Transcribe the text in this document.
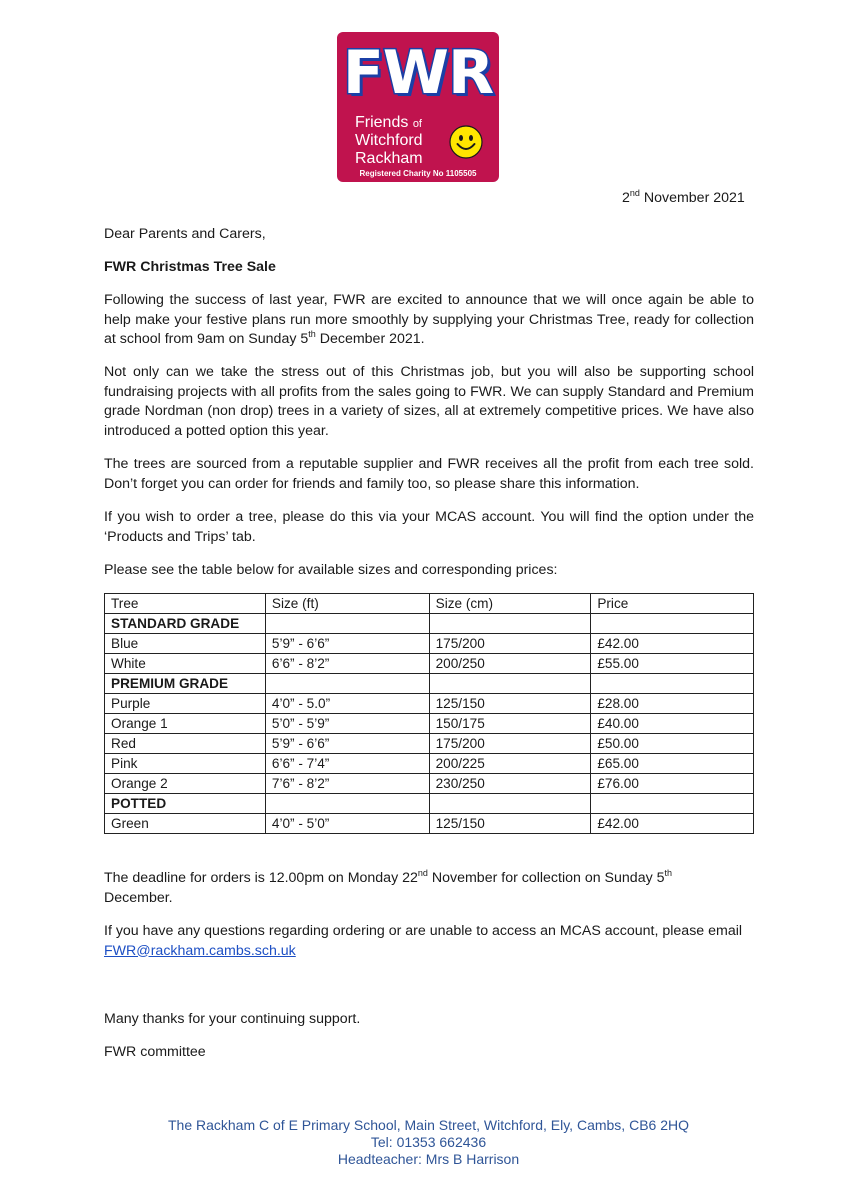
FWR
Friends of
Witchford
Rackham
Registered Charity No 1105505
2nd November 2021
Dear Parents and Carers,
FWR Christmas Tree Sale
Following the success of last year, FWR are excited to announce that we will once again be able to help make your festive plans run more smoothly by supplying your Christmas Tree, ready for collection at school from 9am on Sunday 5th December 2021.
Not only can we take the stress out of this Christmas job, but you will also be supporting school fundraising projects with all profits from the sales going to FWR. We can supply Standard and Premium grade Nordman (non drop) trees in a variety of sizes, all at extremely competitive prices. We have also introduced a potted option this year.
The trees are sourced from a reputable supplier and FWR receives all the profit from each tree sold. Don’t forget you can order for friends and family too, so please share this information.
If you wish to order a tree, please do this via your MCAS account. You will find the option under the ‘Products and Trips’ tab.
Please see the table below for available sizes and corresponding prices:
Tree	Size (ft)	Size (cm)	Price
STANDARD GRADE			
Blue	5’9” - 6’6”	175/200	£42.00
White	6’6” - 8’2”	200/250	£55.00
PREMIUM GRADE			
Purple	4’0” - 5.0”	125/150	£28.00
Orange 1	5’0” - 5’9”	150/175	£40.00
Red	5’9” - 6’6”	175/200	£50.00
Pink	6’6” - 7’4”	200/225	£65.00
Orange 2	7’6” - 8’2”	230/250	£76.00
POTTED			
Green	4’0” - 5’0”	125/150	£42.00
The deadline for orders is 12.00pm on Monday 22nd November for collection on Sunday 5th
December.
If you have any questions regarding ordering or are unable to access an MCAS account, please email
FWR@rackham.cambs.sch.uk
Many thanks for your continuing support.
FWR committee
The Rackham C of E Primary School, Main Street, Witchford, Ely, Cambs, CB6 2HQ
Tel: 01353 662436
Headteacher: Mrs B Harrison
